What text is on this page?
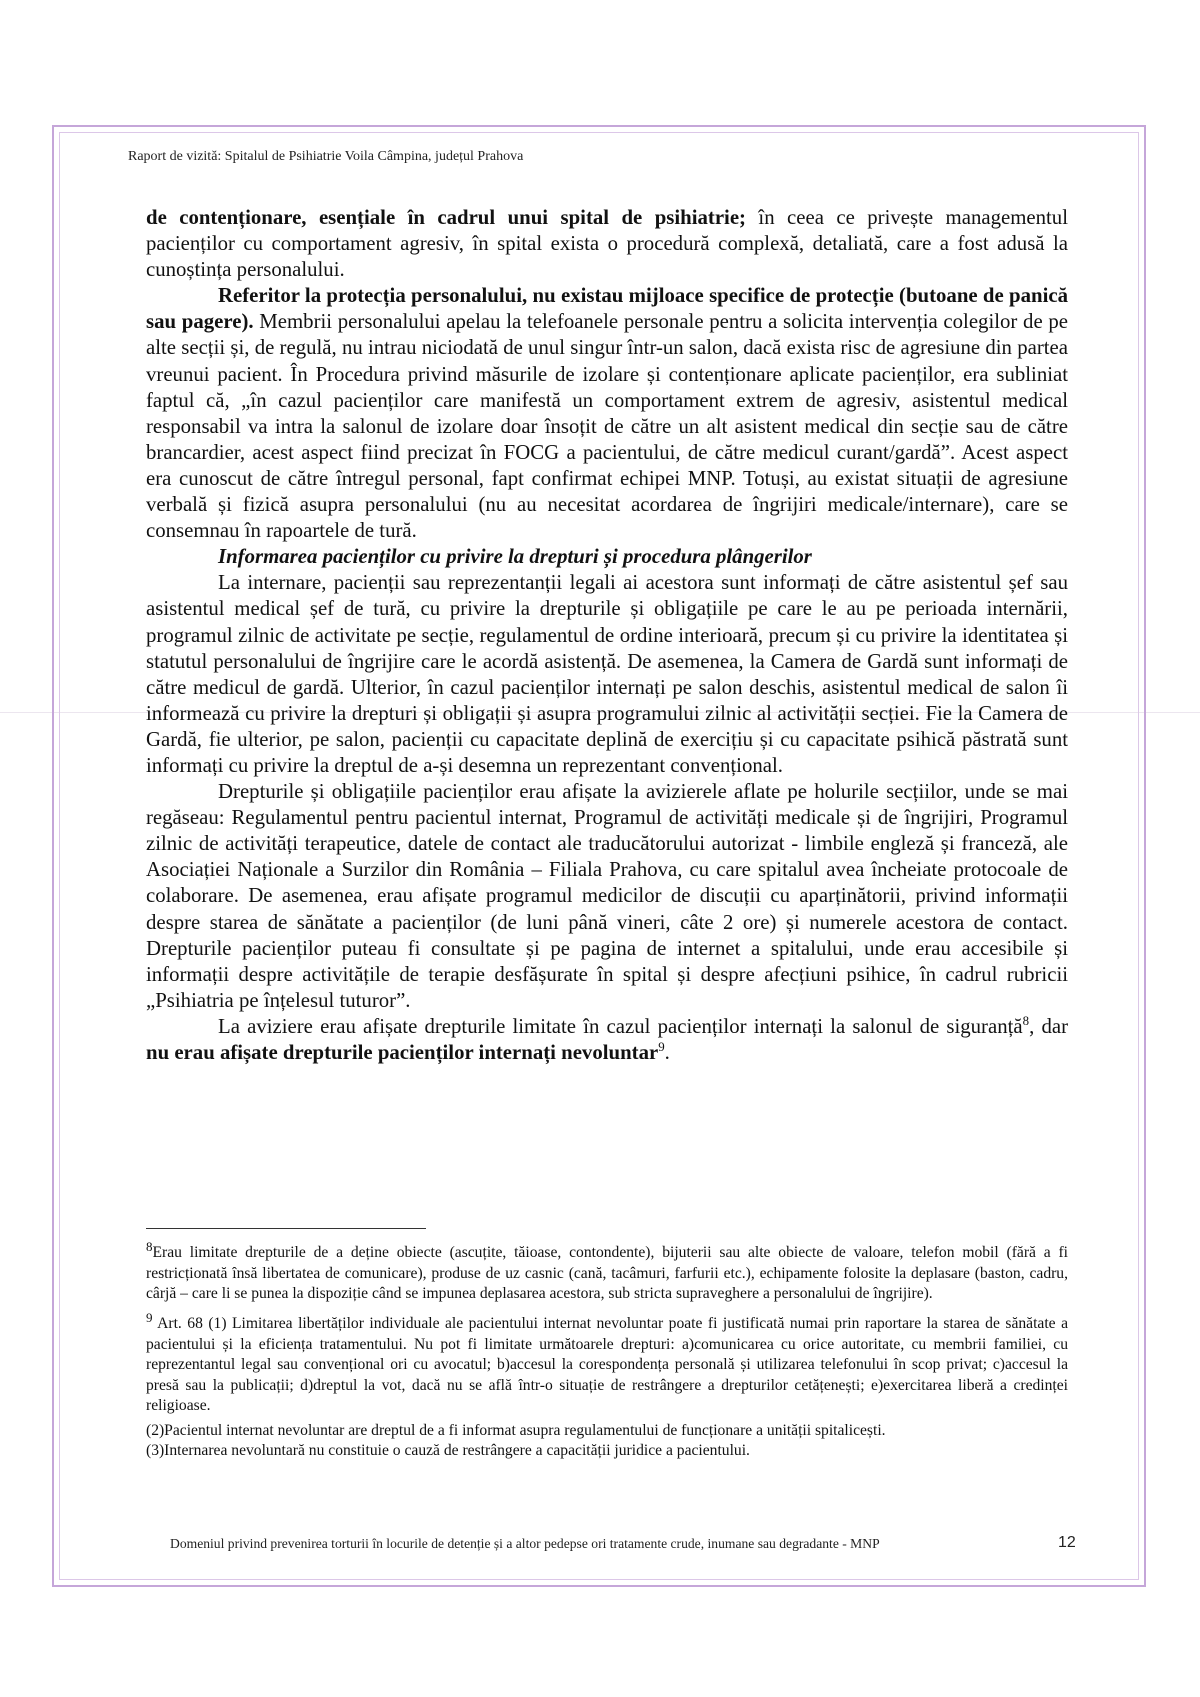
Raport de vizită: Spitalul de Psihiatrie Voila Câmpina, județul Prahova

de contenționare, esențiale în cadrul unui spital de psihiatrie; în ceea ce privește managementul pacienților cu comportament agresiv, în spital exista o procedură complexă, detaliată, care a fost adusă la cunoștința personalului.

Referitor la protecția personalului, nu existau mijloace specifice de protecție (butoane de panică sau pagere). Membrii personalului apelau la telefoanele personale pentru a solicita intervenția colegilor de pe alte secții și, de regulă, nu intrau niciodată de unul singur într-un salon, dacă exista risc de agresiune din partea vreunui pacient. În Procedura privind măsurile de izolare și contenționare aplicate pacienților, era subliniat faptul că, „în cazul pacienților care manifestă un comportament extrem de agresiv, asistentul medical responsabil va intra la salonul de izolare doar însoțit de către un alt asistent medical din secție sau de către brancardier, acest aspect fiind precizat în FOCG a pacientului, de către medicul curant/gardă”. Acest aspect era cunoscut de către întregul personal, fapt confirmat echipei MNP. Totuși, au existat situații de agresiune verbală și fizică asupra personalului (nu au necesitat acordarea de îngrijiri medicale/internare), care se consemnau în rapoartele de tură.

Informarea pacienților cu privire la drepturi și procedura plângerilor

La internare, pacienții sau reprezentanții legali ai acestora sunt informați de către asistentul șef sau asistentul medical șef de tură, cu privire la drepturile și obligațiile pe care le au pe perioada internării, programul zilnic de activitate pe secție, regulamentul de ordine interioară, precum și cu privire la identitatea și statutul personalului de îngrijire care le acordă asistență. De asemenea, la Camera de Gardă sunt informați de către medicul de gardă. Ulterior, în cazul pacienților internați pe salon deschis, asistentul medical de salon îi informează cu privire la drepturi și obligații și asupra programului zilnic al activității secției. Fie la Camera de Gardă, fie ulterior, pe salon, pacienții cu capacitate deplină de exercițiu și cu capacitate psihică păstrată sunt informați cu privire la dreptul de a-și desemna un reprezentant convențional.

Drepturile și obligațiile pacienților erau afișate la avizierele aflate pe holurile secțiilor, unde se mai regăseau: Regulamentul pentru pacientul internat, Programul de activități medicale și de îngrijiri, Programul zilnic de activități terapeutice, datele de contact ale traducătorului autorizat - limbile engleză și franceză, ale Asociației Naționale a Surzilor din România – Filiala Prahova, cu care spitalul avea încheiate protocoale de colaborare. De asemenea, erau afișate programul medicilor de discuții cu aparținătorii, privind informații despre starea de sănătate a pacienților (de luni până vineri, câte 2 ore) și numerele acestora de contact. Drepturile pacienților puteau fi consultate și pe pagina de internet a spitalului, unde erau accesibile și informații despre activitățile de terapie desfășurate în spital și despre afecțiuni psihice, în cadrul rubricii „Psihiatria pe înțelesul tuturor”.

La aviziere erau afișate drepturile limitate în cazul pacienților internați la salonul de siguranță$^8$, dar nu erau afișate drepturile pacienților internați nevoluntar$^9$.

$^8$Erau limitate drepturile de a deține obiecte (ascuțite, tăioase, contondente), bijuterii sau alte obiecte de valoare, telefon mobil (fără a fi restricționată însă libertatea de comunicare), produse de uz casnic (cană, tacâmuri, farfurii etc.), echipamente folosite la deplasare (baston, cadru, cârjă – care li se punea la dispoziție când se impunea deplasarea acestora, sub stricta supraveghere a personalului de îngrijire).

$^9$ Art. 68 (1) Limitarea libertăților individuale ale pacientului internat nevoluntar poate fi justificată numai prin raportare la starea de sănătate a pacientului și la eficiența tratamentului. Nu pot fi limitate următoarele drepturi: a)comunicarea cu orice autoritate, cu membrii familiei, cu reprezentantul legal sau convențional ori cu avocatul; b)accesul la corespondența personală și utilizarea telefonului în scop privat; c)accesul la presă sau la publicații; d)dreptul la vot, dacă nu se află într-o situație de restrângere a drepturilor cetățenești; e)exercitarea liberă a credinței religioase.

(2)Pacientul internat nevoluntar are dreptul de a fi informat asupra regulamentului de funcționare a unității spitalicești.

(3)Internarea nevoluntară nu constituie o cauză de restrângere a capacității juridice a pacientului.

Domeniul privind prevenirea torturii în locurile de detenție și a altor pedepse ori tratamente crude, inumane sau degradante - MNP	12
